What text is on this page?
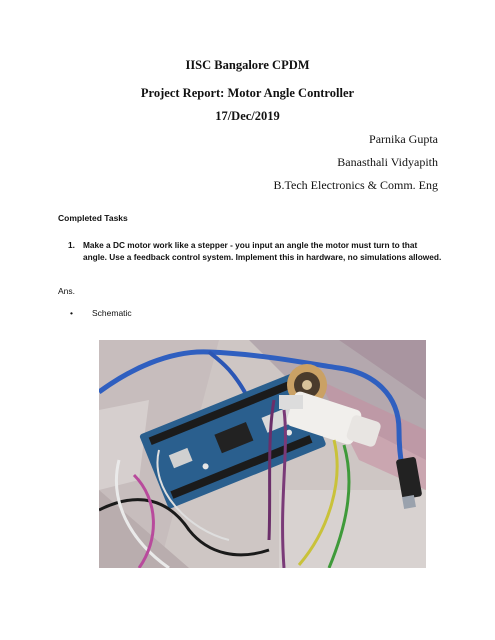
IISC Bangalore CPDM
Project Report: Motor Angle Controller
17/Dec/2019
Parnika Gupta
Banasthali Vidyapith
B.Tech Electronics & Comm. Eng
Completed Tasks
1. Make a DC motor work like a stepper - you input an angle the motor must turn to that angle. Use a feedback control system. Implement this in hardware, no simulations allowed.
Ans.
• Schematic
